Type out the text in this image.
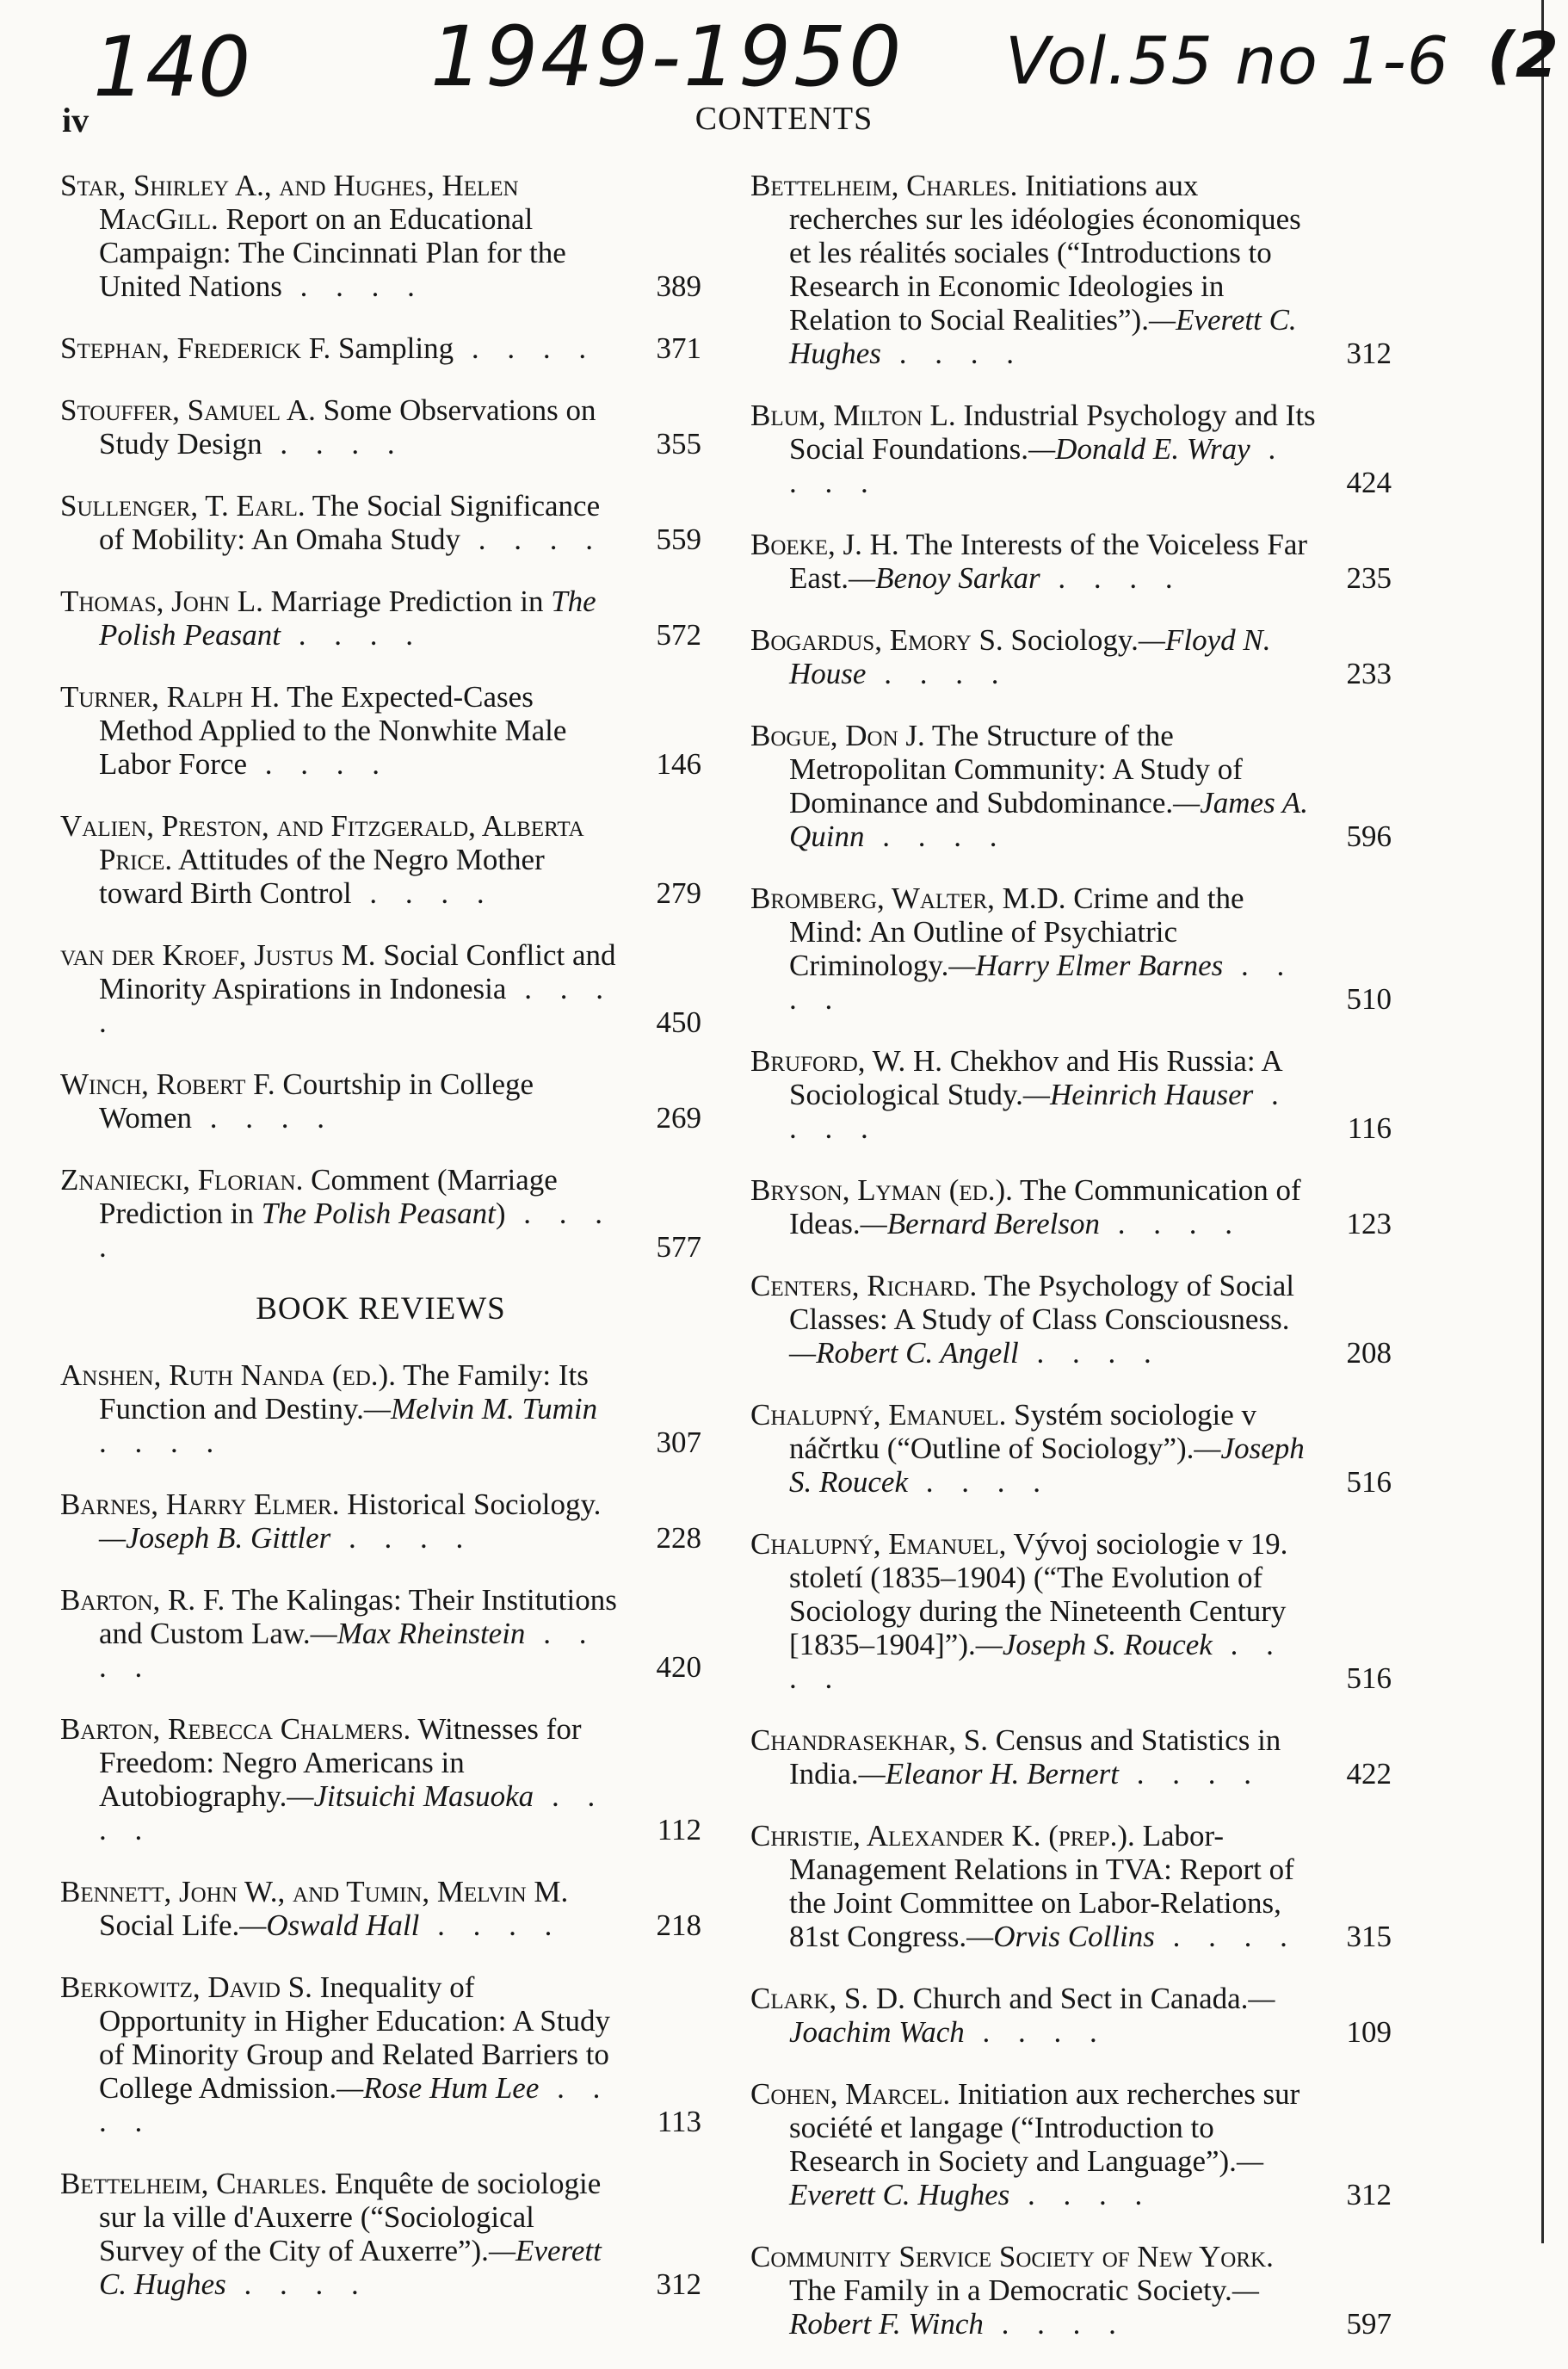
140 1949-1950 Vol.55 no 1-6 (2
iv	CONTENTS
Star, Shirley A., and Hughes, Helen MacGill. Report on an Educational Campaign: The Cincinnati Plan for the United Nations . . . .	389
Stephan, Frederick F. Sampling . . . . 371
Stouffer, Samuel A. Some Observations on Study Design . . . .	355
Sullenger, T. Earl. The Social Significance of Mobility: An Omaha Study . . . . 559
Thomas, John L. Marriage Prediction in The Polish Peasant . . . .	572
Turner, Ralph H. The Expected-Cases Method Applied to the Nonwhite Male Labor Force . . . .	146
Valien, Preston, and Fitzgerald, Alberta Price. Attitudes of the Negro Mother toward Birth Control . . . .	279
van der Kroef, Justus M. Social Conflict and Minority Aspirations in Indonesia . . . .	450
Winch, Robert F. Courtship in College Women . . . .	269
Znaniecki, Florian. Comment (Marriage Prediction in The Polish Peasant) . . . .	577
BOOK REVIEWS
Anshen, Ruth Nanda (ed.). The Family: Its Function and Destiny.—Melvin M. Tumin . . . .	307
Barnes, Harry Elmer. Historical Sociology.—Joseph B. Gittler . . . .	228
Barton, R. F. The Kalingas: Their Institutions and Custom Law.—Max Rheinstein . . . .	420
Barton, Rebecca Chalmers. Witnesses for Freedom: Negro Americans in Autobiography.—Jitsuichi Masuoka . . . .	112
Bennett, John W., and Tumin, Melvin M. Social Life.—Oswald Hall . . . .	218
Berkowitz, David S. Inequality of Opportunity in Higher Education: A Study of Minority Group and Related Barriers to College Admission.—Rose Hum Lee . . . .	113
Bettelheim, Charles. Enquête de sociologie sur la ville d'Auxerre (“Sociological Survey of the City of Auxerre”).—Everett C. Hughes . . . .	312
Bettelheim, Charles. Initiations aux recherches sur les idéologies économiques et les réalités sociales (“Introductions to Research in Economic Ideologies in Relation to Social Realities”).—Everett C. Hughes . . . .	312
Blum, Milton L. Industrial Psychology and Its Social Foundations.—Donald E. Wray . . . .	424
Boeke, J. H. The Interests of the Voiceless Far East.—Benoy Sarkar . . . .	235
Bogardus, Emory S. Sociology.—Floyd N. House . . . .	233
Bogue, Don J. The Structure of the Metropolitan Community: A Study of Dominance and Subdominance.—James A. Quinn . . . .	596
Bromberg, Walter, M.D. Crime and the Mind: An Outline of Psychiatric Criminology.—Harry Elmer Barnes . . . .	510
Bruford, W. H. Chekhov and His Russia: A Sociological Study.—Heinrich Hauser . . . .	116
Bryson, Lyman (ed.). The Communication of Ideas.—Bernard Berelson . . . .	123
Centers, Richard. The Psychology of Social Classes: A Study of Class Consciousness.—Robert C. Angell . . . .	208
Chalupný, Emanuel. Systém sociologie v náčrtku (“Outline of Sociology”).—Joseph S. Roucek . . . .	516
Chalupný, Emanuel, Vývoj sociologie v 19. století (1835–1904) (“The Evolution of Sociology during the Nineteenth Century [1835–1904]”).—Joseph S. Roucek . . . .	516
Chandrasekhar, S. Census and Statistics in India.—Eleanor H. Bernert . . . .	422
Christie, Alexander K. (prep.). Labor-Management Relations in TVA: Report of the Joint Committee on Labor-Relations, 81st Congress.—Orvis Collins . . . . 315
Clark, S. D. Church and Sect in Canada.—Joachim Wach . . . .	109
Cohen, Marcel. Initiation aux recherches sur société et langage (“Introduction to Research in Society and Language”).—Everett C. Hughes . . . .	312
Community Service Society of New York. The Family in a Democratic Society.—Robert F. Winch . . . .	597
